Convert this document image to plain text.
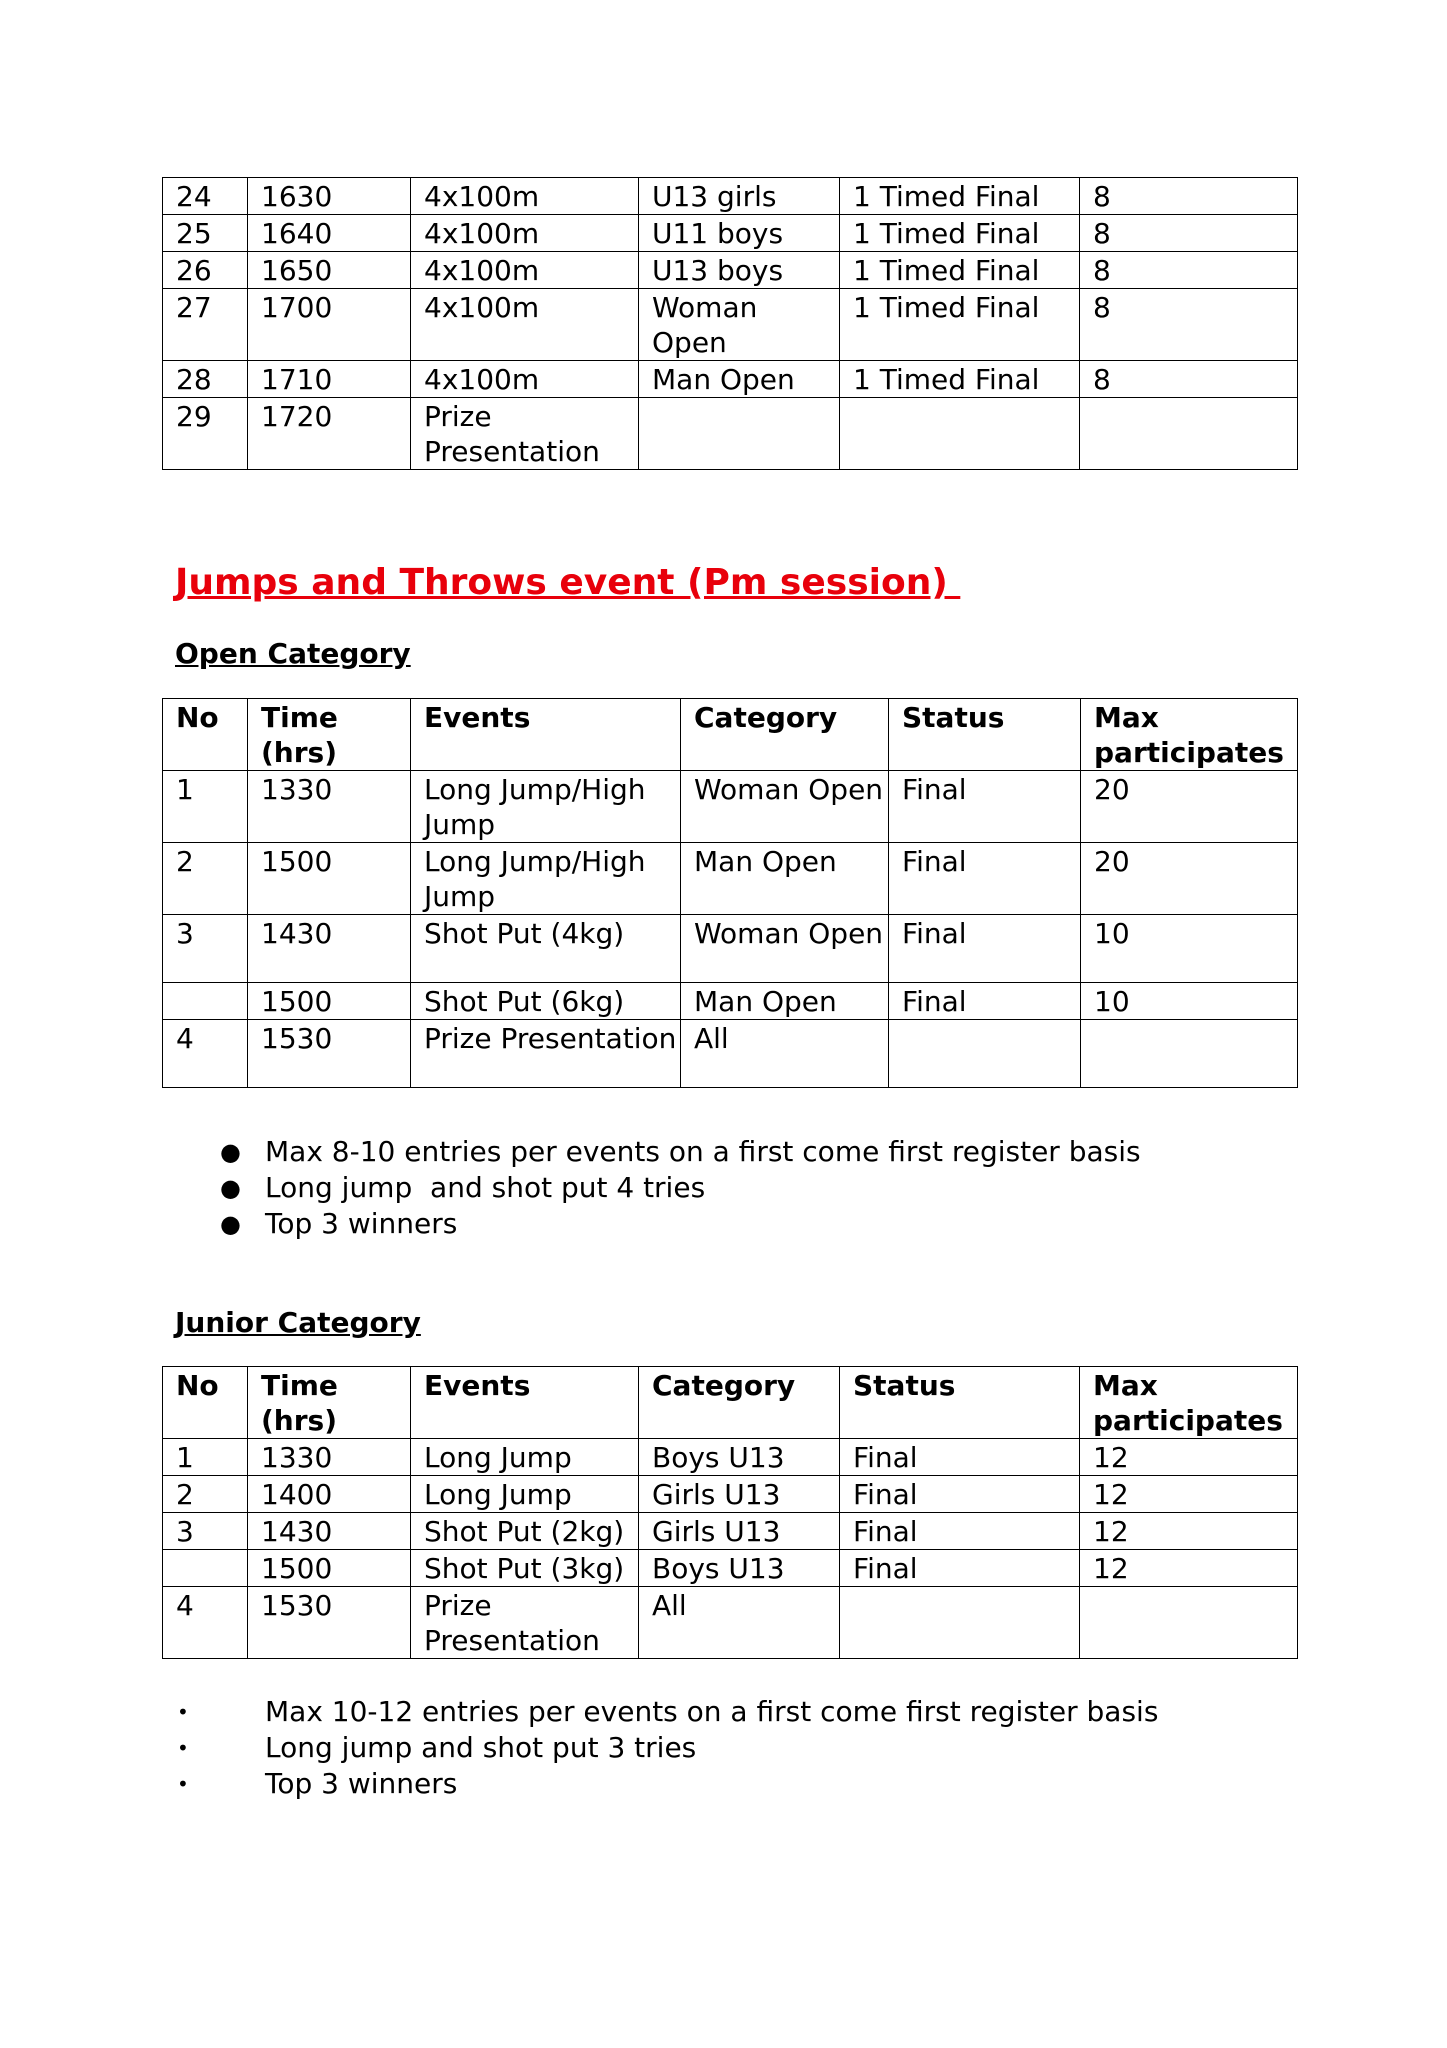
24	1630	4x100m	U13 girls	1 Timed Final	8
25	1640	4x100m	U11 boys	1 Timed Final	8
26	1650	4x100m	U13 boys	1 Timed Final	8
27	1700	4x100m	Woman Open	1 Timed Final	8
28	1710	4x100m	Man Open	1 Timed Final	8
29	1720	Prize Presentation			
Jumps and Throws event (Pm session)
Open Category
No	Time (hrs)	Events	Category	Status	Max participates
1	1330	Long Jump/High Jump	Woman Open	Final	20
2	1500	Long Jump/High Jump	Man Open	Final	20
3	1430	Shot Put (4kg)	Woman Open	Final	10
	1500	Shot Put (6kg)	Man Open	Final	10
4	1530	Prize Presentation	All		
● Max 8-10 entries per events on a first come first register basis
● Long jump  and shot put 4 tries
● Top 3 winners
Junior Category
No	Time (hrs)	Events	Category	Status	Max participates
1	1330	Long Jump	Boys U13	Final	12
2	1400	Long Jump	Girls U13	Final	12
3	1430	Shot Put (2kg)	Girls U13	Final	12
	1500	Shot Put (3kg)	Boys U13	Final	12
4	1530	Prize Presentation	All		
•	Max 10-12 entries per events on a first come first register basis
•	Long jump and shot put 3 tries
•	Top 3 winners
